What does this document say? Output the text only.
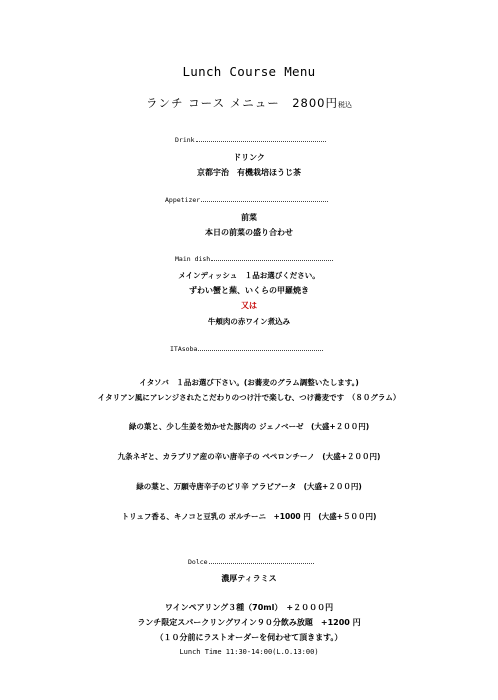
Lunch Course Menu
ランチ コース メニュー　2800円税込
Drink
ドリンク
京都宇治　有機栽培ほうじ茶
Appetizer
前菜
本日の前菜の盛り合わせ
Main dish
メインディッシュ　１品お選びください。
ずわい蟹と蕪、いくらの甲羅焼き
又は
牛頬肉の赤ワイン煮込み
ITAsoba
イタソバ　１品お選び下さい。(お蕎麦のグラム調整いたします。)
イタリアン風にアレンジされたこだわりのつけ汁で楽しむ、つけ蕎麦です　（８０グラム）
緑の葉と、少し生姜を効かせた豚肉の ジェノベーゼ　(大盛+２００円)
九条ネギと、カラブリア産の辛い唐辛子の ペペロンチーノ　(大盛+２００円)
緑の葉と、万願寺唐辛子のピリ辛 アラビアータ　(大盛+２００円)
トリュフ香る、キノコと豆乳の ボルチーニ　+1000 円　(大盛+５００円)
Dolce
濃厚ティラミス
ワインペアリング３種（70ml）　+２０００円
ランチ限定スパークリングワイン９０分飲み放題　+1200 円
（１０分前にラストオーダーを伺わせて頂きます。）
Lunch Time 11:30-14:00(L.O.13:00)
